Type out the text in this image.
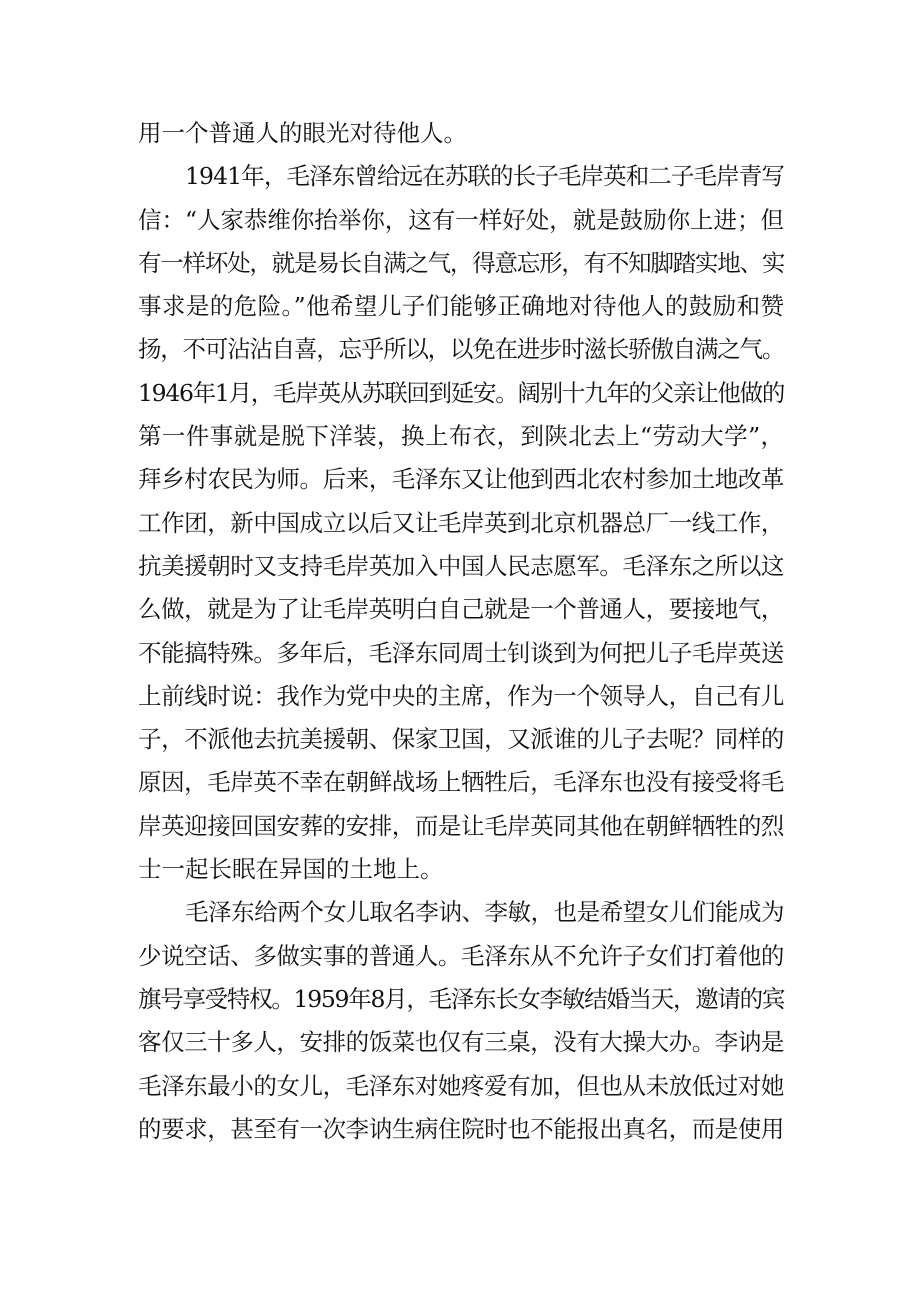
用一个普通人的眼光对待他人。
1941年，毛泽东曾给远在苏联的长子毛岸英和二子毛岸青写
信：“人家恭维你抬举你，这有一样好处，就是鼓励你上进；但
有一样坏处，就是易长自满之气，得意忘形，有不知脚踏实地、实
事求是的危险。”他希望儿子们能够正确地对待他人的鼓励和赞
扬，不可沾沾自喜，忘乎所以，以免在进步时滋长骄傲自满之气。
1946年1月，毛岸英从苏联回到延安。阔别十九年的父亲让他做的
第一件事就是脱下洋装，换上布衣，到陕北去上“劳动大学”，
拜乡村农民为师。后来，毛泽东又让他到西北农村参加土地改革
工作团，新中国成立以后又让毛岸英到北京机器总厂一线工作，
抗美援朝时又支持毛岸英加入中国人民志愿军。毛泽东之所以这
么做，就是为了让毛岸英明白自己就是一个普通人，要接地气，
不能搞特殊。多年后，毛泽东同周士钊谈到为何把儿子毛岸英送
上前线时说：我作为党中央的主席，作为一个领导人，自己有儿
子，不派他去抗美援朝、保家卫国，又派谁的儿子去呢？同样的
原因，毛岸英不幸在朝鲜战场上牺牲后，毛泽东也没有接受将毛
岸英迎接回国安葬的安排，而是让毛岸英同其他在朝鲜牺牲的烈
士一起长眠在异国的土地上。
毛泽东给两个女儿取名李讷、李敏，也是希望女儿们能成为
少说空话、多做实事的普通人。毛泽东从不允许子女们打着他的
旗号享受特权。1959年8月，毛泽东长女李敏结婚当天，邀请的宾
客仅三十多人，安排的饭菜也仅有三桌，没有大操大办。李讷是
毛泽东最小的女儿，毛泽东对她疼爱有加，但也从未放低过对她
的要求，甚至有一次李讷生病住院时也不能报出真名，而是使用
